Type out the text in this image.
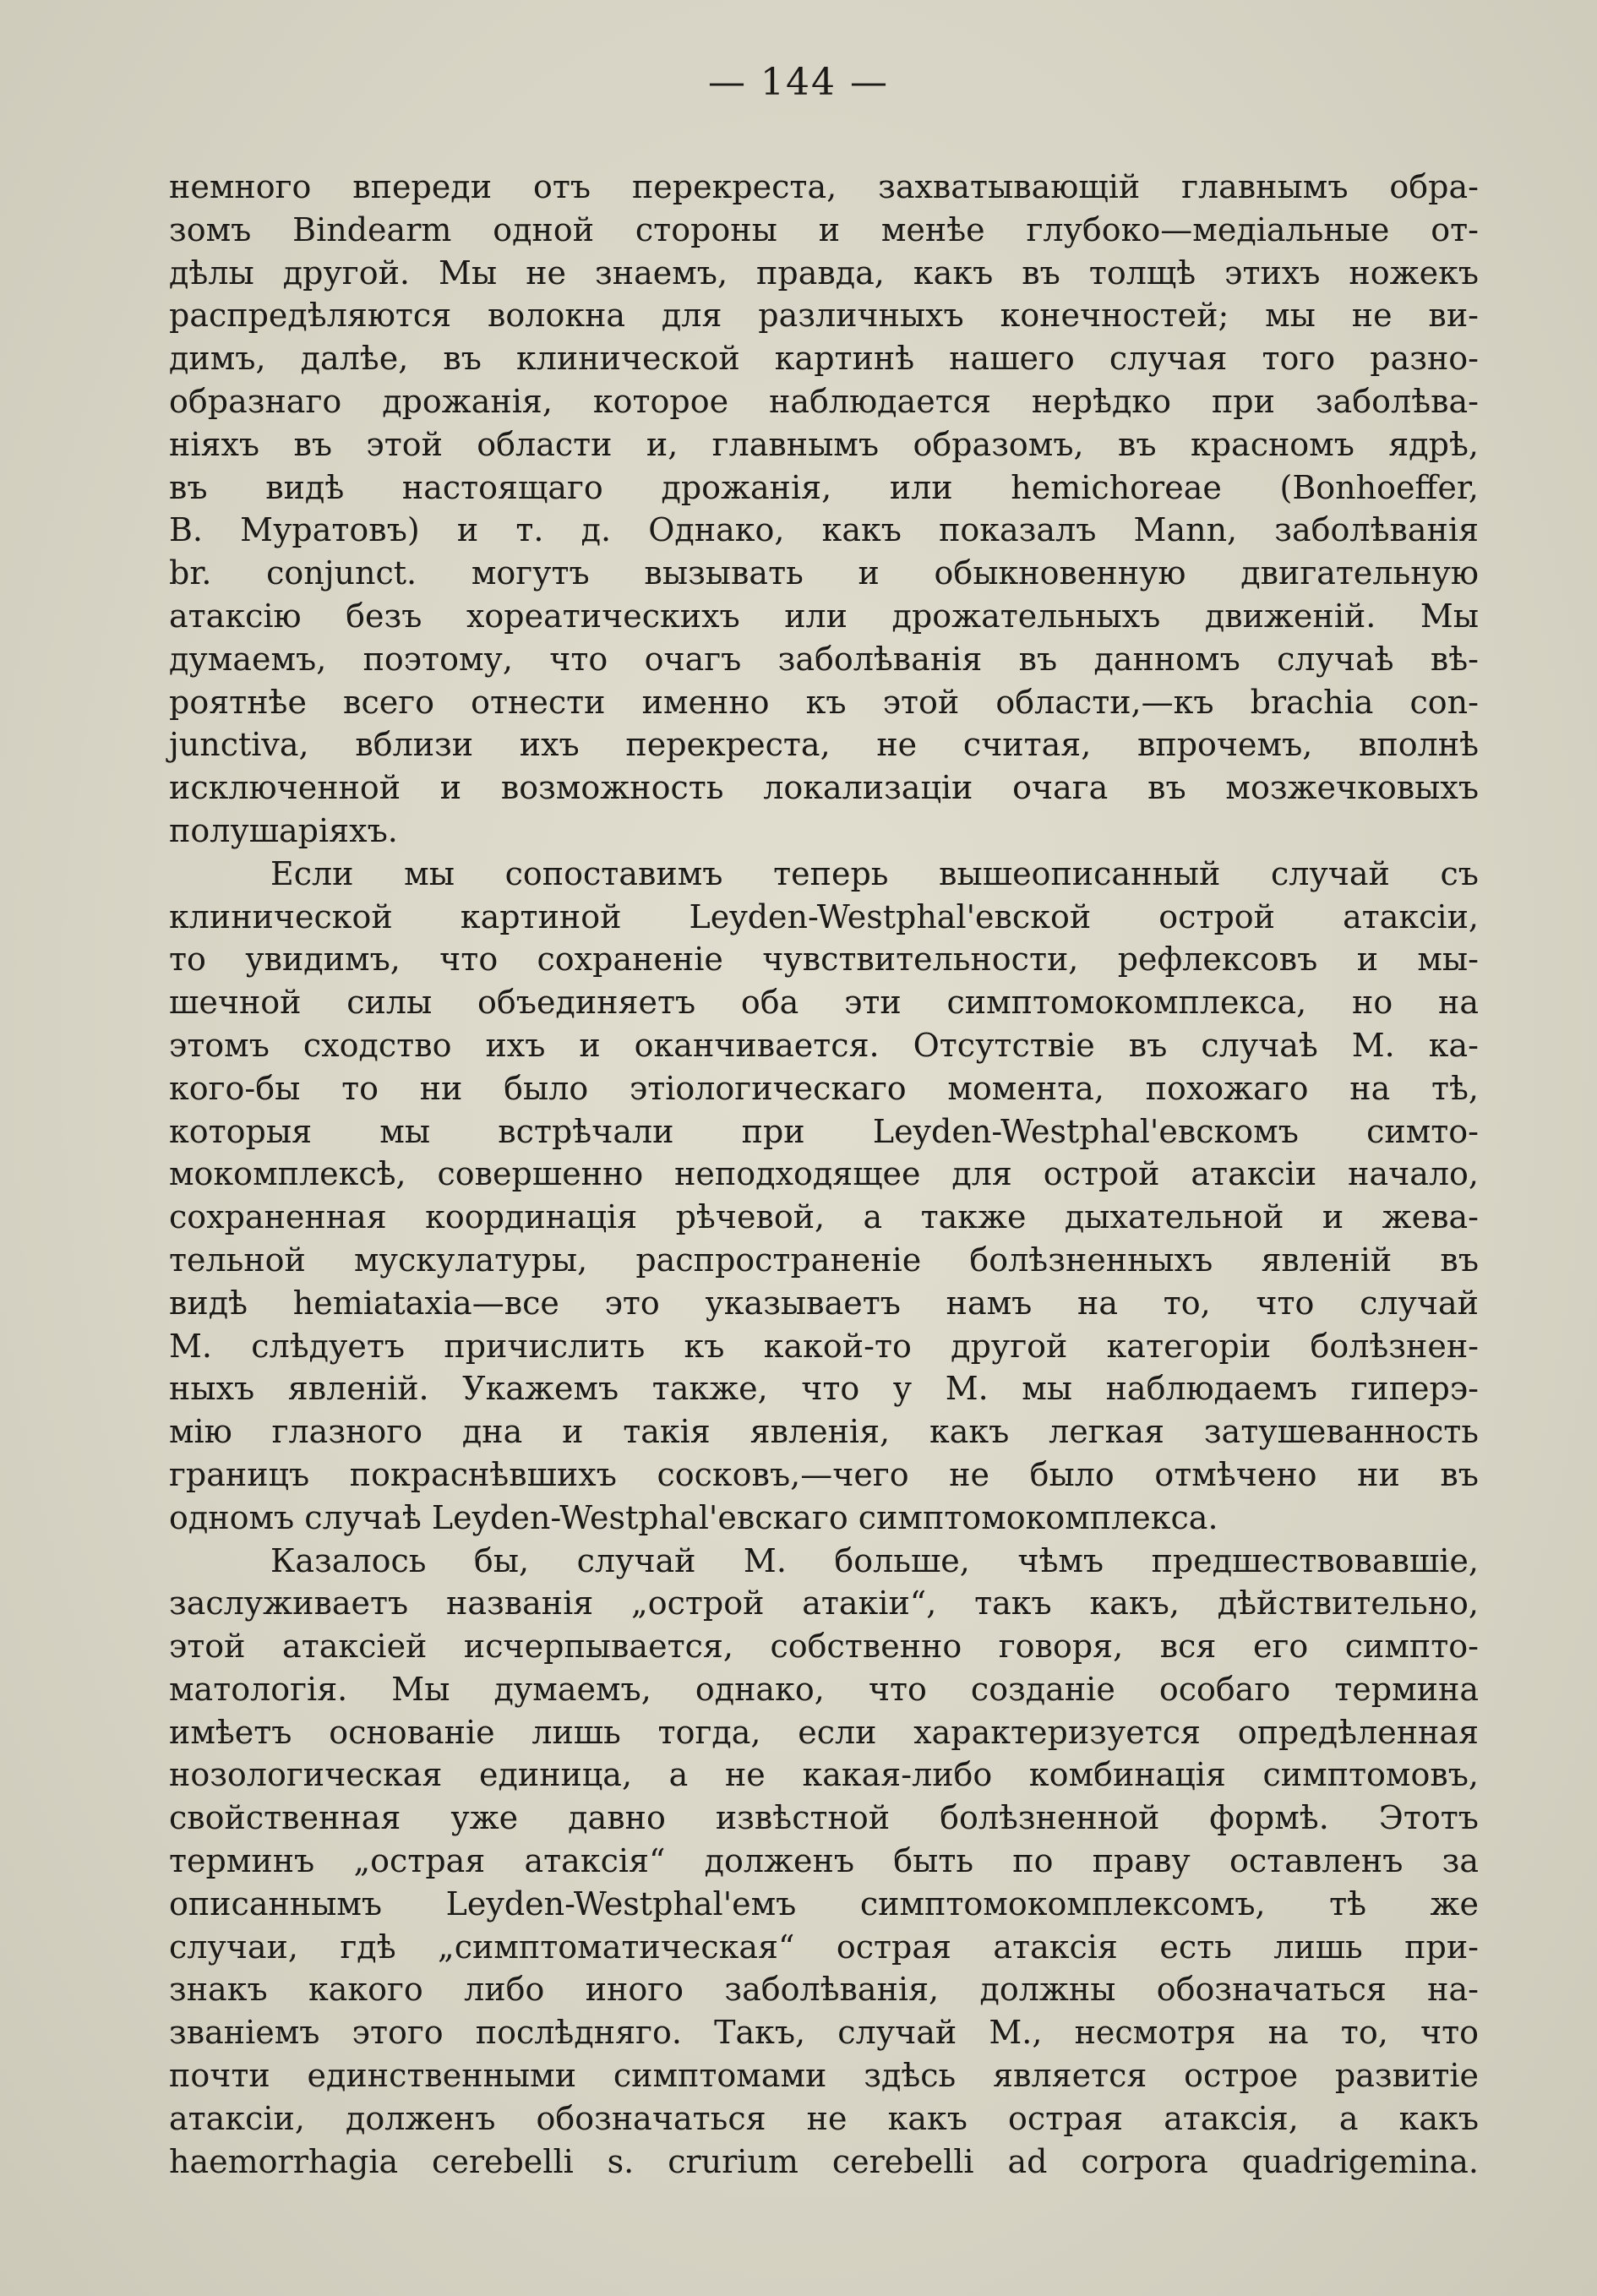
— 144 —
немного впереди отъ перекреста, захватывающій главнымъ обра-
зомъ Bindearm одной стороны и менѣе глубоко—медіальные от-
дѣлы другой. Мы не знаемъ, правда, какъ въ толщѣ этихъ ножекъ
распредѣляются волокна для различныхъ конечностей; мы не ви-
димъ, далѣе, въ клинической картинѣ нашего случая того разно-
образнаго дрожанія, которое наблюдается нерѣдко при заболѣва-
ніяхъ въ этой области и, главнымъ образомъ, въ красномъ ядрѣ,
въ видѣ настоящаго дрожанія, или hemichoreae (Bonhoeffer,
В. Муратовъ) и т. д. Однако, какъ показалъ Mann, заболѣванія
br. conjunct. могутъ вызывать и обыкновенную двигательную
атаксію безъ хореатическихъ или дрожательныхъ движеній. Мы
думаемъ, поэтому, что очагъ заболѣванія въ данномъ случаѣ вѣ-
роятнѣе всего отнести именно къ этой области,—къ brachia con-
junctiva, вблизи ихъ перекреста, не считая, впрочемъ, вполнѣ
исключенной и возможность локализаціи очага въ мозжечковыхъ
полушаріяхъ.
Если мы сопоставимъ теперь вышеописанный случай съ
клинической картиной Leyden-Westphal'евской острой атаксіи,
то увидимъ, что сохраненіе чувствительности, рефлексовъ и мы-
шечной силы объединяетъ оба эти симптомокомплекса, но на
этомъ сходство ихъ и оканчивается. Отсутствіе въ случаѣ М. ка-
кого-бы то ни было этіологическаго момента, похожаго на тѣ,
которыя мы встрѣчали при Leyden-Westphal'евскомъ симто-
мокомплексѣ, совершенно неподходящее для острой атаксіи начало,
сохраненная координація рѣчевой, а также дыхательной и жева-
тельной мускулатуры, распространеніе болѣзненныхъ явленій въ
видѣ hemiataxia—все это указываетъ намъ на то, что случай
М. слѣдуетъ причислить къ какой-то другой категоріи болѣзнен-
ныхъ явленій. Укажемъ также, что у М. мы наблюдаемъ гиперэ-
мію глазного дна и такія явленія, какъ легкая затушеванность
границъ покраснѣвшихъ сосковъ,—чего не было отмѣчено ни въ
одномъ случаѣ Leyden-Westphal'евскаго симптомокомплекса.
Казалось бы, случай М. больше, чѣмъ предшествовавшіе,
заслуживаетъ названія „острой атакіи“, такъ какъ, дѣйствительно,
этой атаксіей исчерпывается, собственно говоря, вся его симпто-
матологія. Мы думаемъ, однако, что созданіе особаго термина
имѣетъ основаніе лишь тогда, если характеризуется опредѣленная
нозологическая единица, а не какая-либо комбинація симптомовъ,
свойственная уже давно извѣстной болѣзненной формѣ. Этотъ
терминъ „острая атаксія“ долженъ быть по праву оставленъ за
описаннымъ Leyden-Westphal'емъ симптомокомплексомъ, тѣ же
случаи, гдѣ „симптоматическая“ острая атаксія есть лишь при-
знакъ какого либо иного заболѣванія, должны обозначаться на-
званіемъ этого послѣдняго. Такъ, случай М., несмотря на то, что
почти единственными симптомами здѣсь является острое развитіе
атаксіи, долженъ обозначаться не какъ острая атаксія, а какъ
haemorrhagia cerebelli s. crurium cerebelli ad corpora quadrigemina.
